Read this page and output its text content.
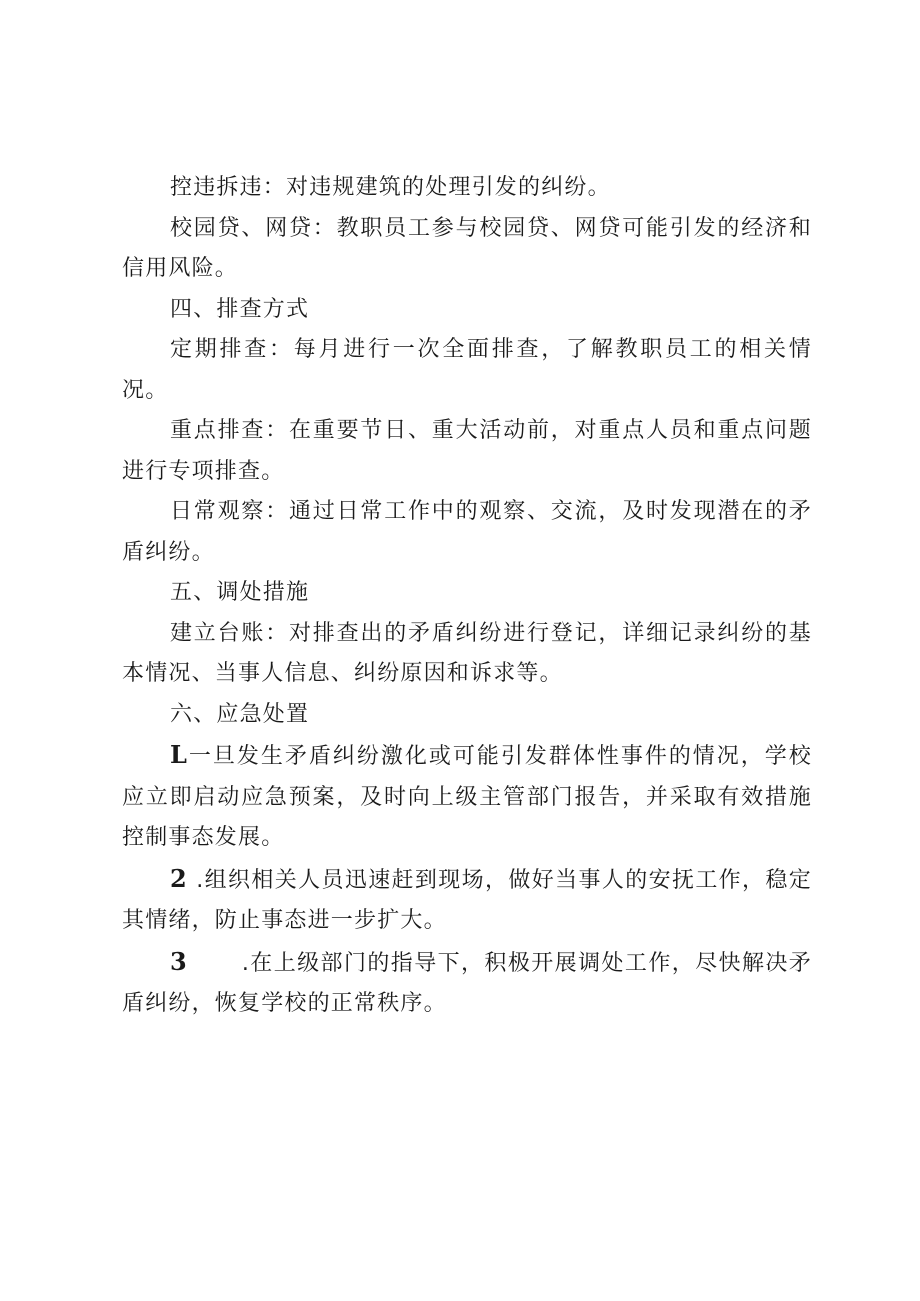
控违拆违：对违规建筑的处理引发的纠纷。

校园贷、网贷：教职员工参与校园贷、网贷可能引发的经济和信用风险。

四、排查方式

定期排查：每月进行一次全面排查，了解教职员工的相关情况。

重点排查：在重要节日、重大活动前，对重点人员和重点问题进行专项排查。

日常观察：通过日常工作中的观察、交流，及时发现潜在的矛盾纠纷。

五、调处措施

建立台账：对排查出的矛盾纠纷进行登记，详细记录纠纷的基本情况、当事人信息、纠纷原因和诉求等。

六、应急处置

L一旦发生矛盾纠纷激化或可能引发群体性事件的情况，学校应立即启动应急预案，及时向上级主管部门报告，并采取有效措施控制事态发展。

2 .组织相关人员迅速赶到现场，做好当事人的安抚工作，稳定其情绪，防止事态进一步扩大。

3 .在上级部门的指导下，积极开展调处工作，尽快解决矛盾纠纷，恢复学校的正常秩序。
